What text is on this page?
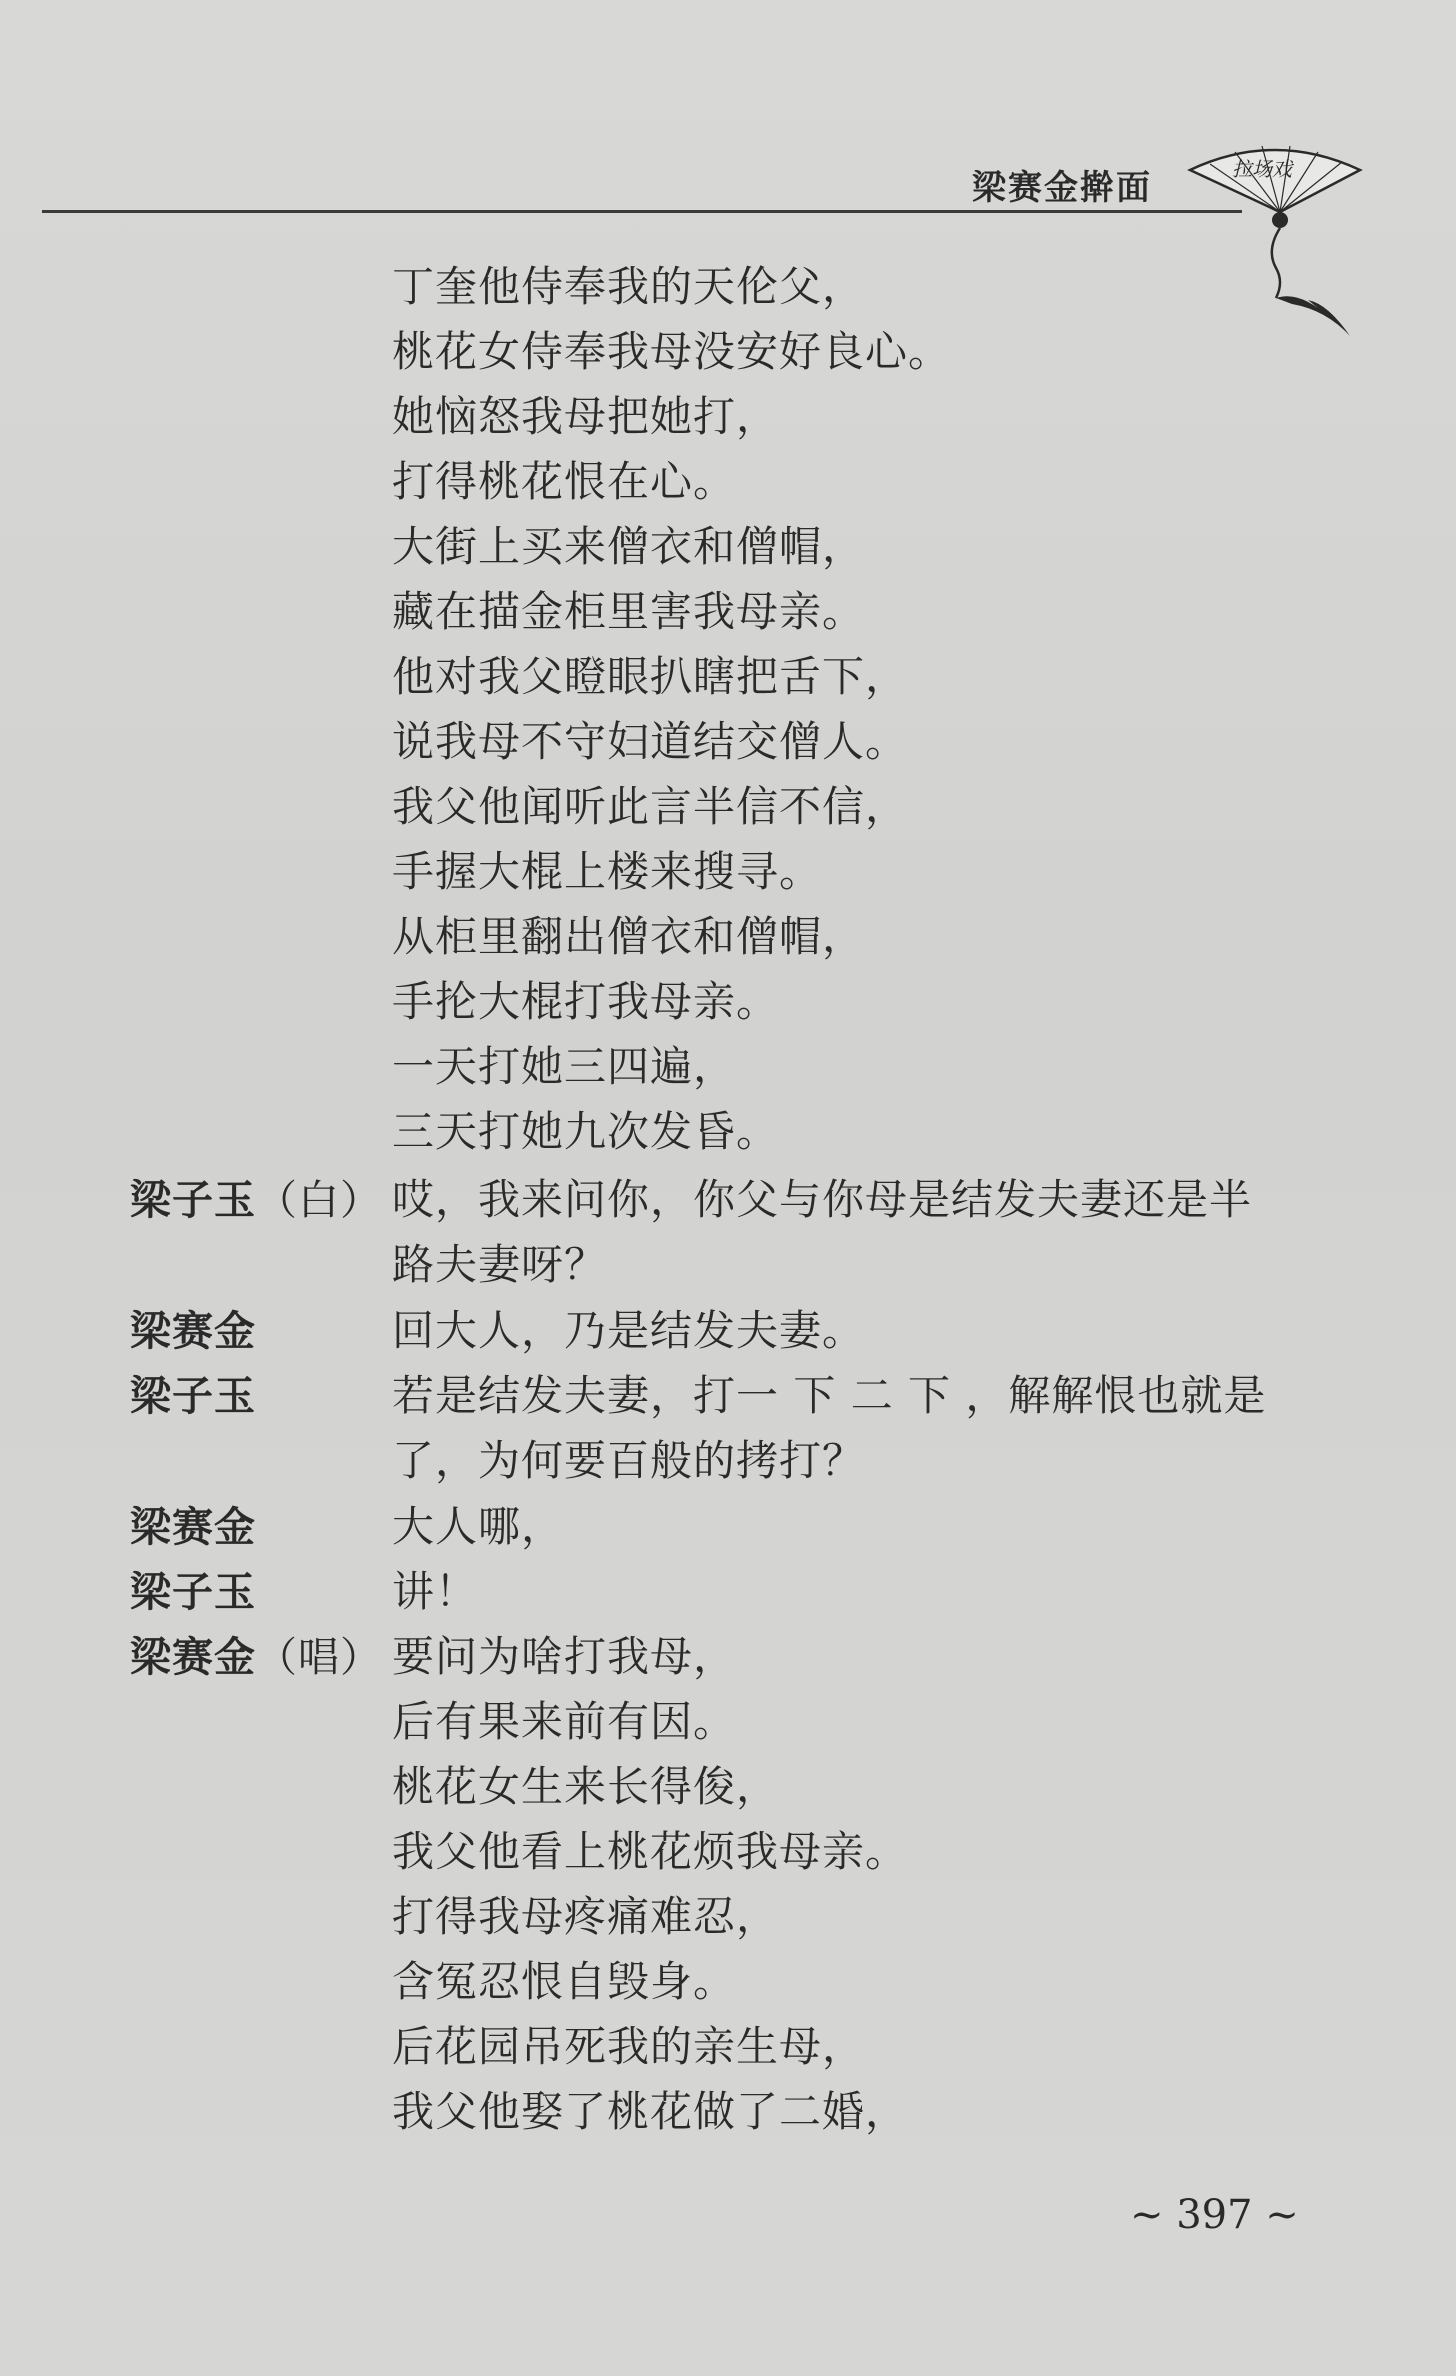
梁赛金擀面	拉场戏
丁奎他侍奉我的天伦父，
桃花女侍奉我母没安好良心。
她恼怒我母把她打，
打得桃花恨在心。
大街上买来僧衣和僧帽，
藏在描金柜里害我母亲。
他对我父瞪眼扒瞎把舌下，
说我母不守妇道结交僧人。
我父他闻听此言半信不信，
手握大棍上楼来搜寻。
从柜里翻出僧衣和僧帽，
手抡大棍打我母亲。
一天打她三四遍，
三天打她九次发昏。
梁子玉（白） 哎，我来问你，你父与你母是结发夫妻还是半
路夫妻呀？
梁赛金	回大人，乃是结发夫妻。
梁子玉	若是结发夫妻，打一 下 二 下 ，解解恨也就是
了，为何要百般的拷打？
梁赛金	大人哪，
梁子玉	讲！
梁赛金（唱） 要问为啥打我母，
后有果来前有因。
桃花女生来长得俊，
我父他看上桃花烦我母亲。
打得我母疼痛难忍，
含冤忍恨自毁身。
后花园吊死我的亲生母，
我父他娶了桃花做了二婚，
~ 397 ~
